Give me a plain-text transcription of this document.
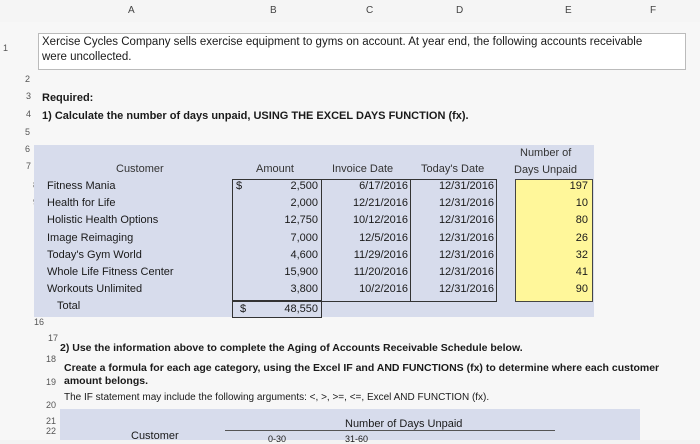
A	B	C	D	E	F
1	Xercise Cycles Company sells exercise equipment to gyms on account. At year end, the following accounts receivable
were uncollected.
2
3
4
5
6
7
16
17
18
19
20
21
22
Required:
1) Calculate the number of days unpaid, USING THE EXCEL DAYS FUNCTION (fx).
Customer	Amount	Invoice Date	Today's Date
Number of
Days Unpaid
Fitness Mania	$	2,500	6/17/2016	12/31/2016	197
Health for Life	2,000	12/21/2016	12/31/2016	10
Holistic Health Options	12,750	10/12/2016	12/31/2016	80
Image Reimaging	7,000	12/5/2016	12/31/2016	26
Today's Gym World	4,600	11/29/2016	12/31/2016	32
Whole Life Fitness Center	15,900	11/20/2016	12/31/2016	41
Workouts Unlimited	3,800	10/2/2016	12/31/2016	90
Total	$	48,550
2) Use the information above to complete the Aging of Accounts Receivable Schedule below.
Create a formula for each age category, using the Excel IF and AND FUNCTIONS (fx) to determine where each customer
amount belongs.
The IF statement may include the following arguments: <, >, >=, <=, Excel AND FUNCTION (fx).
Number of Days Unpaid
Customer	0-30	31-60
